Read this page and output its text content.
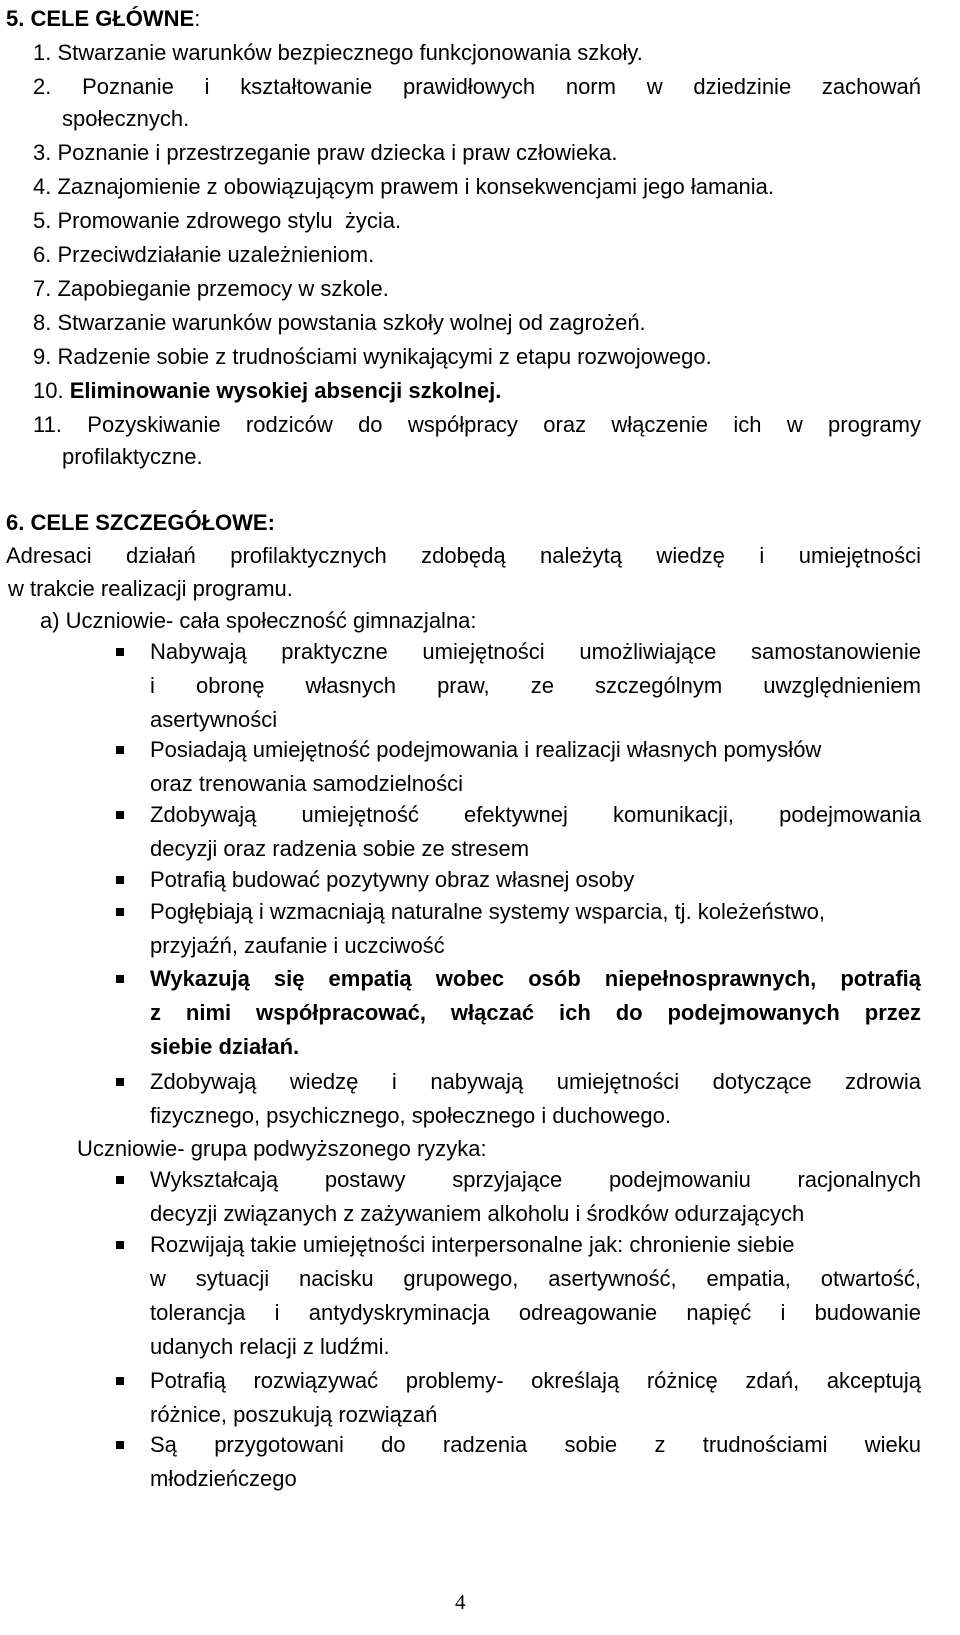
5. CELE GŁÓWNE:
1. Stwarzanie warunków bezpiecznego funkcjonowania szkoły.
2. Poznanie i kształtowanie prawidłowych norm w dziedzinie zachowań
społecznych.
3. Poznanie i przestrzeganie praw dziecka i praw człowieka.
4. Zaznajomienie z obowiązującym prawem i konsekwencjami jego łamania.
5. Promowanie zdrowego stylu  życia.
6. Przeciwdziałanie uzależnieniom.
7. Zapobieganie przemocy w szkole.
8. Stwarzanie warunków powstania szkoły wolnej od zagrożeń.
9. Radzenie sobie z trudnościami wynikającymi z etapu rozwojowego.
10. Eliminowanie wysokiej absencji szkolnej.
11. Pozyskiwanie rodziców do współpracy oraz włączenie ich w programy
profilaktyczne.
6. CELE SZCZEGÓŁOWE:
Adresaci działań profilaktycznych zdobędą należytą wiedzę i umiejętności
w trakcie realizacji programu.
a) Uczniowie- cała społeczność gimnazjalna:
Nabywają praktyczne umiejętności umożliwiające samostanowienie
i obronę własnych praw, ze szczególnym uwzględnieniem
asertywności
Posiadają umiejętność podejmowania i realizacji własnych pomysłów
oraz trenowania samodzielności
Zdobywają umiejętność efektywnej komunikacji, podejmowania
decyzji oraz radzenia sobie ze stresem
Potrafią budować pozytywny obraz własnej osoby
Pogłębiają i wzmacniają naturalne systemy wsparcia, tj. koleżeństwo,
przyjaźń, zaufanie i uczciwość
Wykazują się empatią wobec osób niepełnosprawnych, potrafią
z nimi współpracować, włączać ich do podejmowanych przez
siebie działań.
Zdobywają wiedzę i nabywają umiejętności dotyczące zdrowia
fizycznego, psychicznego, społecznego i duchowego.
Uczniowie- grupa podwyższonego ryzyka:
Wykształcają postawy sprzyjające podejmowaniu racjonalnych
decyzji związanych z zażywaniem alkoholu i środków odurzających
Rozwijają takie umiejętności interpersonalne jak: chronienie siebie
w sytuacji nacisku grupowego, asertywność, empatia, otwartość,
tolerancja i antydyskryminacja odreagowanie napięć i budowanie
udanych relacji z ludźmi.
Potrafią rozwiązywać problemy- określają różnicę zdań, akceptują
różnice, poszukują rozwiązań
Są przygotowani do radzenia sobie z trudnościami wieku
młodzieńczego
4
